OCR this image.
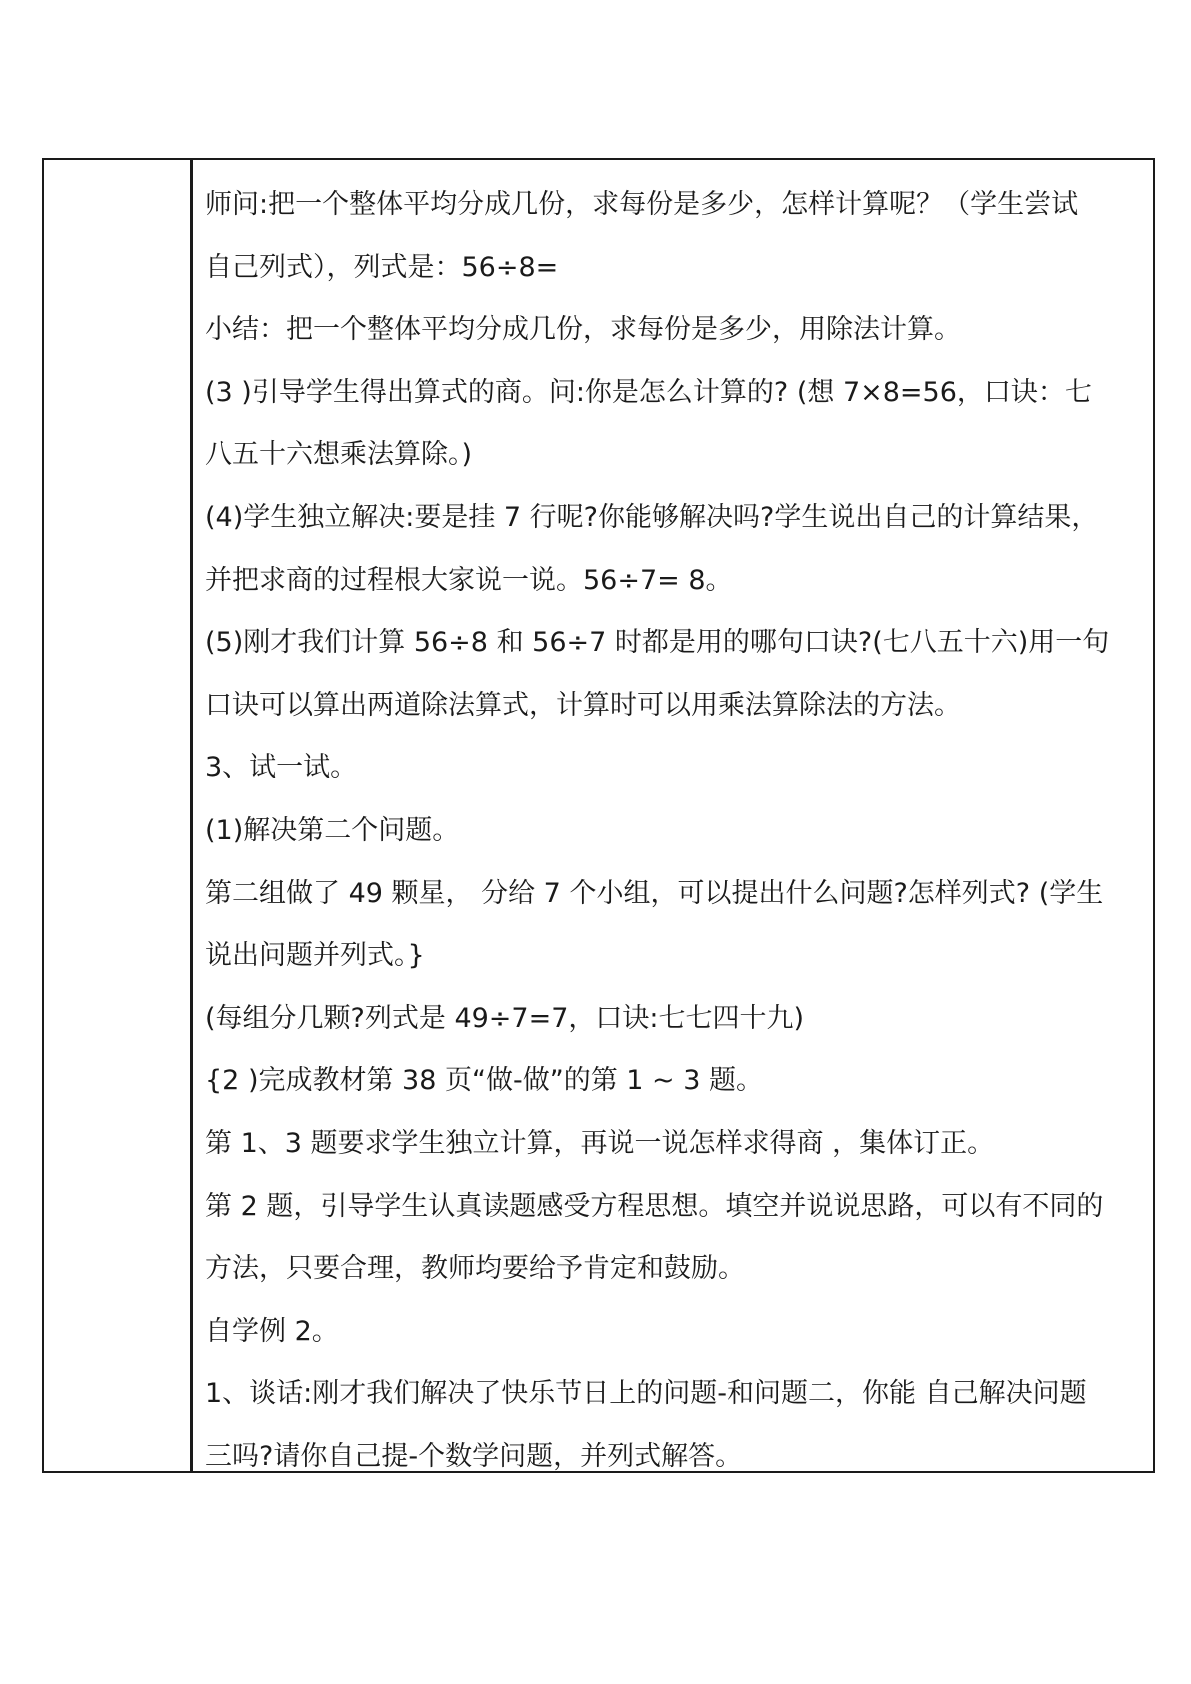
师问:把一个整体平均分成几份，求每份是多少，怎样计算呢？（学生尝试

自己列式），列式是：56÷8=

小结：把一个整体平均分成几份，求每份是多少，用除法计算。

(3 )引导学生得出算式的商。问:你是怎么计算的? (想 7×8=56，口诀：七

八五十六想乘法算除。)

(4)学生独立解决:要是挂 7 行呢?你能够解决吗?学生说出自己的计算结果，

并把求商的过程根大家说一说。56÷7= 8。

(5)刚才我们计算 56÷8 和 56÷7 时都是用的哪句口诀?(七八五十六)用一句

口诀可以算出两道除法算式，计算时可以用乘法算除法的方法。

3、试一试。

(1)解决第二个问题。

第二组做了 49 颗星， 分给 7 个小组，可以提出什么问题?怎样列式? (学生

说出问题并列式。}

(每组分几颗?列式是 49÷7=7，口诀:七七四十九)

{2 )完成教材第 38 页“做-做”的第 1 ~ 3 题。

第 1、3 题要求学生独立计算，再说一说怎样求得商 ，集体订正。

第 2 题，引导学生认真读题感受方程思想。填空并说说思路，可以有不同的

方法，只要合理，教师均要给予肯定和鼓励。

自学例 2。

1、谈话:刚才我们解决了快乐节日上的问题-和问题二，你能 自己解决问题

三吗?请你自己提-个数学问题，并列式解答。
